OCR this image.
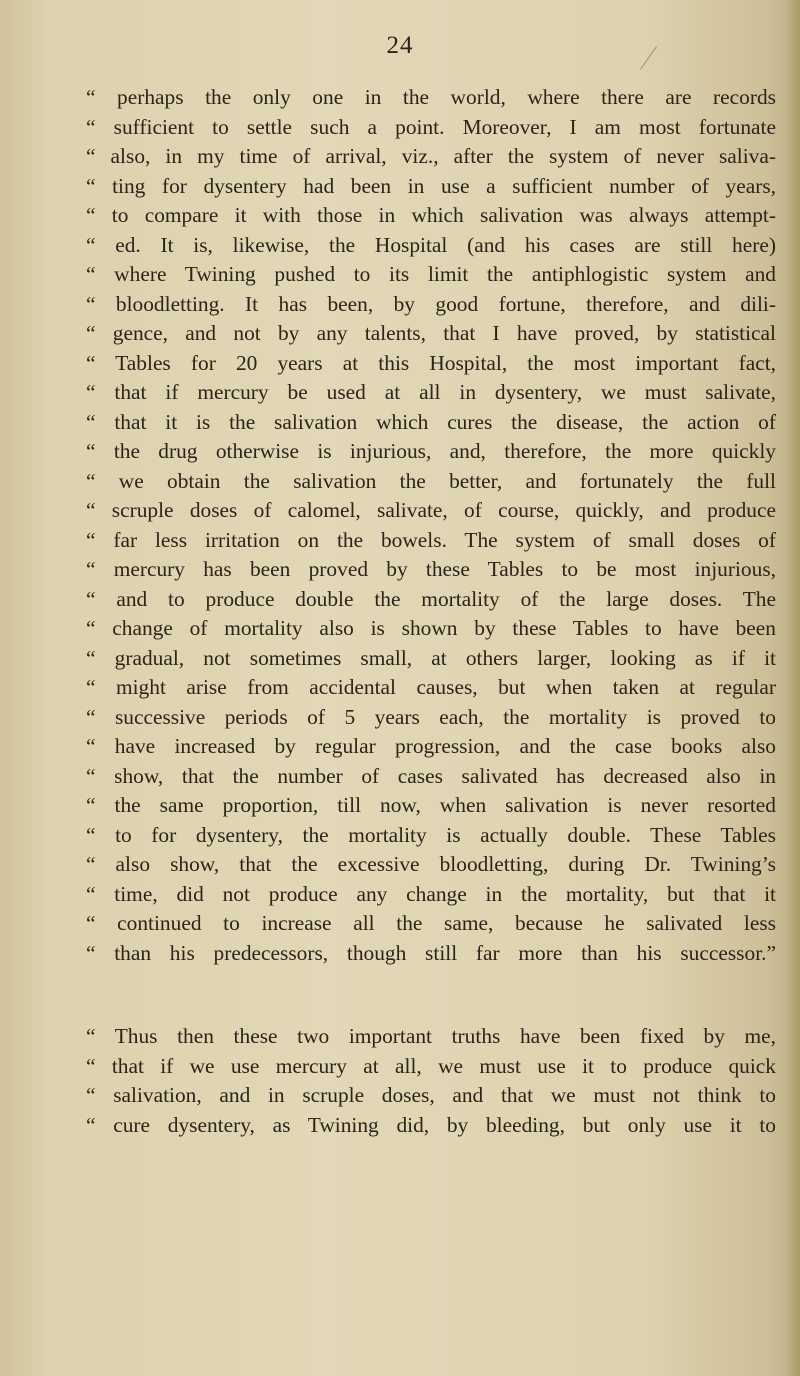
24
“ perhaps the only one in the world, where there are records
“ sufficient to settle such a point. Moreover, I am most fortunate
“ also, in my time of arrival, viz., after the system of never saliva-
“ ting for dysentery had been in use a sufficient number of years,
“ to compare it with those in which salivation was always attempt-
“ ed. It is, likewise, the Hospital (and his cases are still here)
“ where Twining pushed to its limit the antiphlogistic system and
“ bloodletting. It has been, by good fortune, therefore, and dili-
“ gence, and not by any talents, that I have proved, by statistical
“ Tables for 20 years at this Hospital, the most important fact,
“ that if mercury be used at all in dysentery, we must salivate,
“ that it is the salivation which cures the disease, the action of
“ the drug otherwise is injurious, and, therefore, the more quickly
“ we obtain the salivation the better, and fortunately the full
“ scruple doses of calomel, salivate, of course, quickly, and produce
“ far less irritation on the bowels. The system of small doses of
“ mercury has been proved by these Tables to be most injurious,
“ and to produce double the mortality of the large doses. The
“ change of mortality also is shown by these Tables to have been
“ gradual, not sometimes small, at others larger, looking as if it
“ might arise from accidental causes, but when taken at regular
“ successive periods of 5 years each, the mortality is proved to
“ have increased by regular progression, and the case books also
“ show, that the number of cases salivated has decreased also in
“ the same proportion, till now, when salivation is never resorted
“ to for dysentery, the mortality is actually double. These Tables
“ also show, that the excessive bloodletting, during Dr. Twining’s
“ time, did not produce any change in the mortality, but that it
“ continued to increase all the same, because he salivated less
“ than his predecessors, though still far more than his successor.”
“ Thus then these two important truths have been fixed by me,
“ that if we use mercury at all, we must use it to produce quick
“ salivation, and in scruple doses, and that we must not think to
“ cure dysentery, as Twining did, by bleeding, but only use it to
